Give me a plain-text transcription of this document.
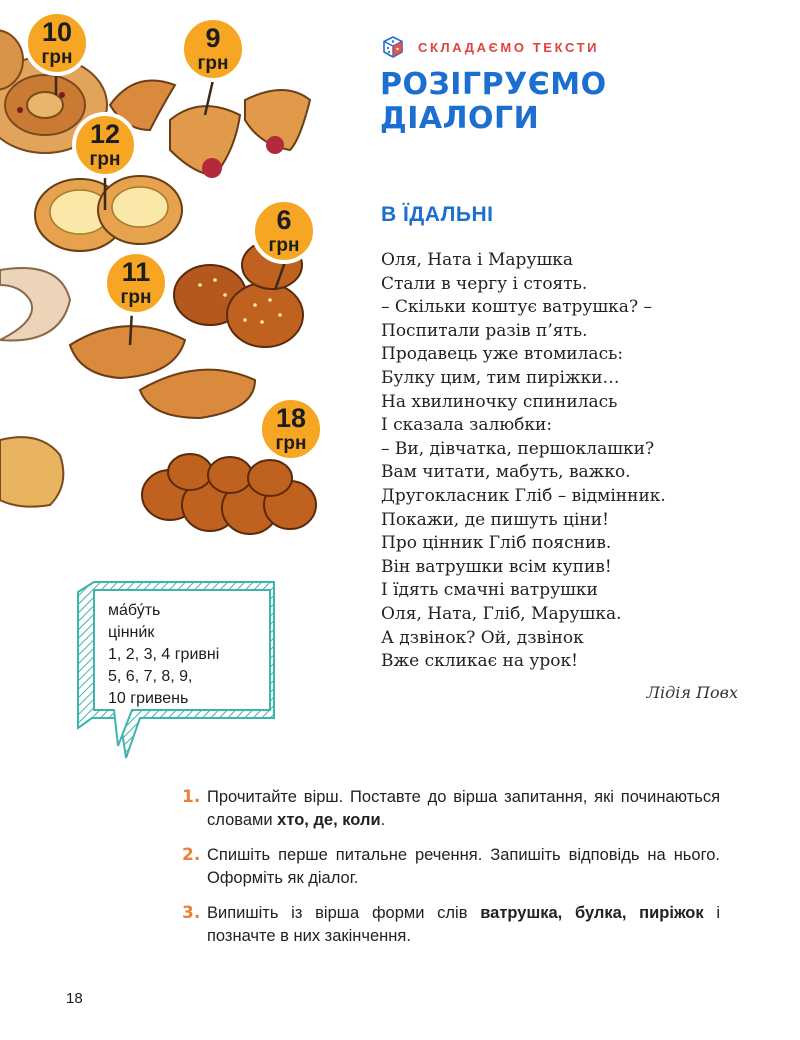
10
грн
9
грн
12
грн
6
грн
11
грн
18
грн
СКЛАДАЄМО ТЕКСТИ
РОЗІГРУЄМО
ДІАЛОГИ
В ЇДАЛЬНІ
Оля, Ната і Марушка
Стали в чергу і стоять.
– Скільки коштує ватрушка? –
Поспитали разів п’ять.
Продавець уже втомилась:
Булку цим, тим пиріжки…
На хвилиночку спинилась
І сказала залюбки:
– Ви, дівчатка, першоклашки?
Вам читати, мабуть, важко.
Другокласник Гліб – відмінник.
Покажи, де пишуть ціни!
Про цінник Гліб пояснив.
Він ватрушки всім купив!
І їдять смачні ватрушки
Оля, Ната, Гліб, Марушка.
А дзвінок? Ой, дзвінок
Вже скликає на урок!
Лідія Повх
ма́бу́ть
цінни́к
1, 2, 3, 4 гривні
5, 6, 7, 8, 9,
10 гривень
1. Прочитайте вірш. Поставте до вірша запитання, які починаються словами хто, де, коли.
2. Спишіть перше питальне речення. Запишіть відповідь на нього. Оформіть як діалог.
3. Випишіть із вірша форми слів ватрушка, булка, пиріжок і позначте в них закінчення.
18
